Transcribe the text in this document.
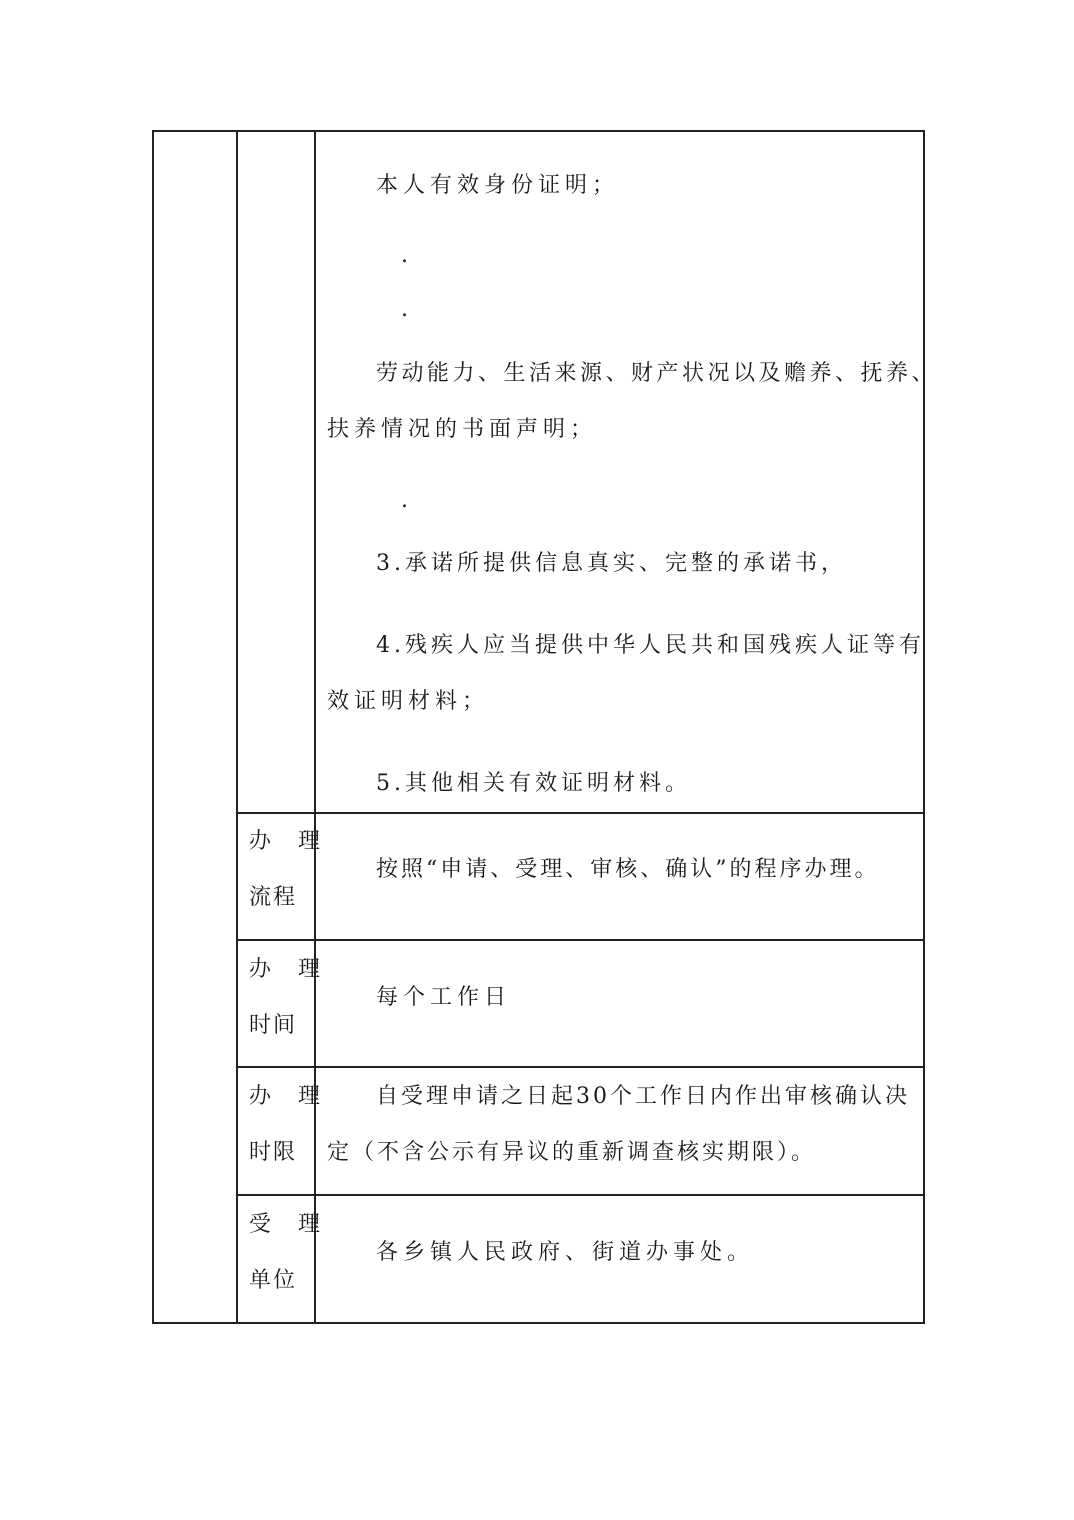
本人有效身份证明；
.
.
劳动能力、生活来源、财产状况以及赡养、抚养、
扶养情况的书面声明；
.
3.承诺所提供信息真实、完整的承诺书，
4.残疾人应当提供中华人民共和国残疾人证等有
效证明材料；
5.其他相关有效证明材料。
办 理
流程
按照“申请、受理、审核、确认”的程序办理。
办 理
时间
每个工作日
办 理
时限
自受理申请之日起30个工作日内作出审核确认决
定（不含公示有异议的重新调查核实期限）。
受 理
单位
各乡镇人民政府、街道办事处。
